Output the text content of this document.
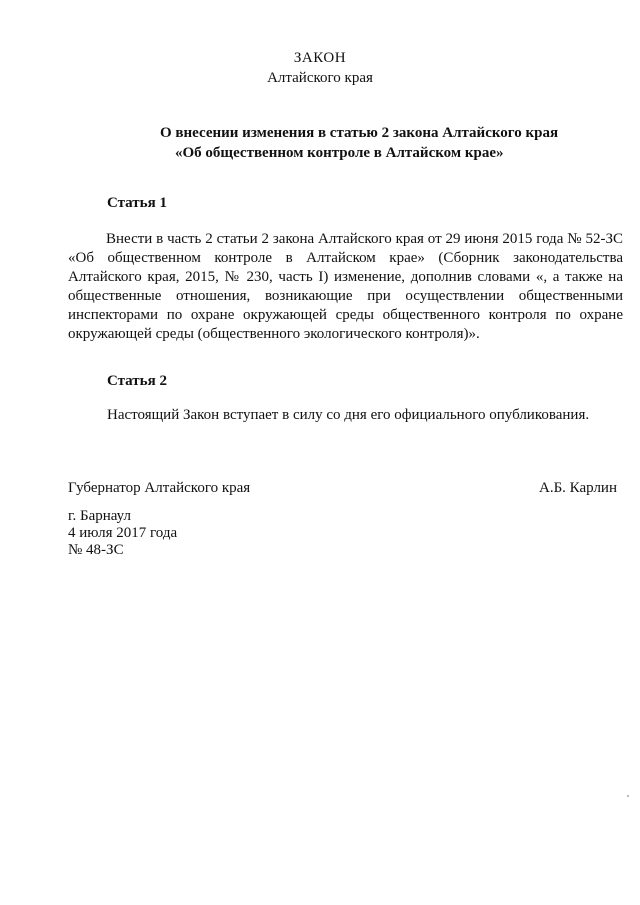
ЗАКОН
Алтайского края
О внесении изменения в статью 2 закона Алтайского края
«Об общественном контроле в Алтайском крае»
Статья 1

Внести в часть 2 статьи 2 закона Алтайского края от 29 июня 2015 года № 52-ЗС «Об общественном контроле в Алтайском крае» (Сборник законодательства Алтайского края, 2015, № 230, часть I) изменение, дополнив словами «, а также на общественные отношения, возникающие при осуществлении общественными инспекторами по охране окружающей среды общественного контроля по охране окружающей среды (общественного экологического контроля)».

Статья 2

Настоящий Закон вступает в силу со дня его официального опубликования.

Губернатор Алтайского края	А.Б. Карлин
г. Барнаул
4 июля 2017 года
№ 48-ЗС
